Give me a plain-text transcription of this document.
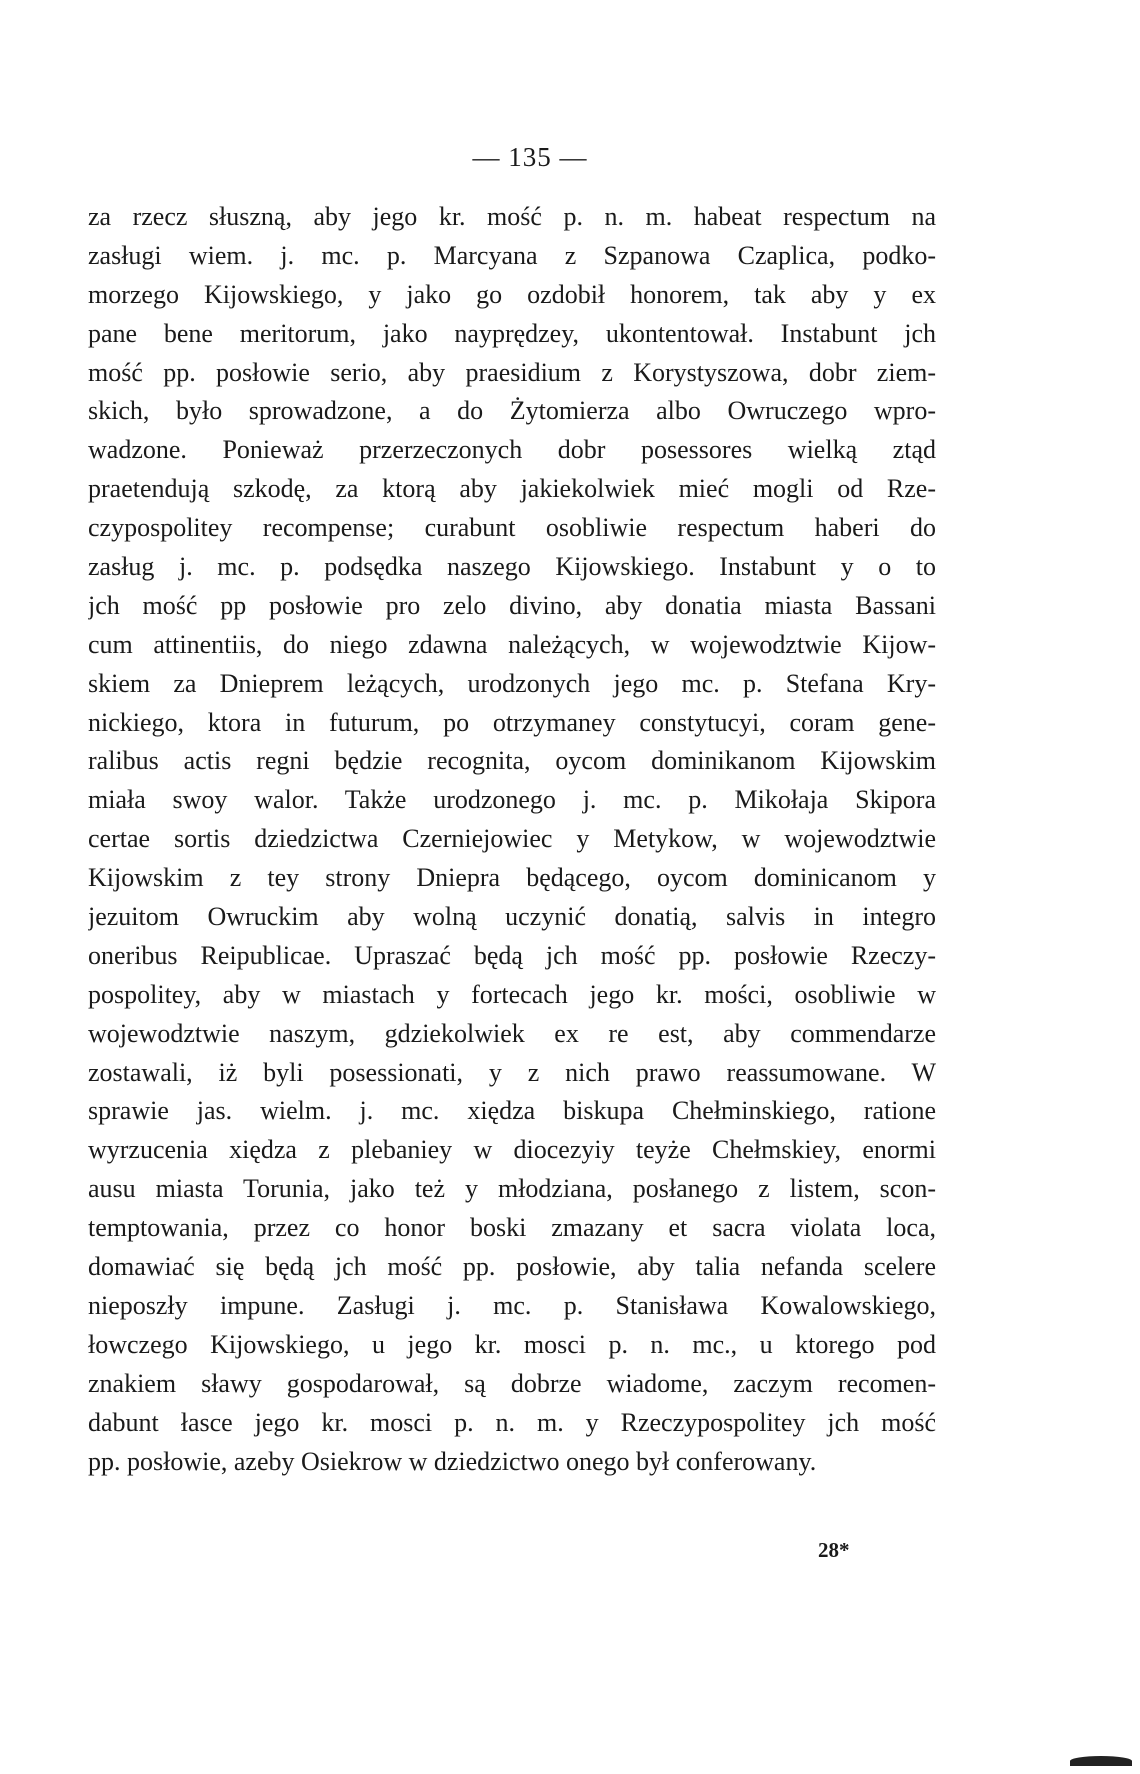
— 135 —
za rzecz słuszną, aby jego kr. mość p. n. m. habeat respectum na
zasługi wiem. j. mc. p. Marcyana z Szpanowa Czaplica, podko-
morzego Kijowskiego, y jako go ozdobił honorem, tak aby y ex
pane bene meritorum, jako nayprędzey, ukontentował. Instabunt jch
mość pp. posłowie serio, aby praesidium z Korystyszowa, dobr ziem-
skich, było sprowadzone, a do Żytomierza albo Owruczego wpro-
wadzone. Ponieważ przerzeczonych dobr posessores wielką ztąd
praetendują szkodę, za ktorą aby jakiekolwiek mieć mogli od Rze-
czypospolitey recompense; curabunt osobliwie respectum haberi do
zasług j. mc. p. podsędka naszego Kijowskiego. Instabunt y o to
jch mość pp posłowie pro zelo divino, aby donatia miasta Bassani
cum attinentiis, do niego zdawna należących, w wojewodztwie Kijow-
skiem za Dnieprem leżących, urodzonych jego mc. p. Stefana Kry-
nickiego, ktora in futurum, po otrzymaney constytucyi, coram gene-
ralibus actis regni będzie recognita, oycom dominikanom Kijowskim
miała swoy walor. Także urodzonego j. mc. p. Mikołaja Skipora
certae sortis dziedzictwa Czerniejowiec y Metykow, w wojewodztwie
Kijowskim z tey strony Dniepra będącego, oycom dominicanom y
jezuitom Owruckim aby wolną uczynić donatią, salvis in integro
oneribus Reipublicae. Upraszać będą jch mość pp. posłowie Rzeczy-
pospolitey, aby w miastach y fortecach jego kr. mości, osobliwie w
wojewodztwie naszym, gdziekolwiek ex re est, aby commendarze
zostawali, iż byli posessionati, y z nich prawo reassumowane. W
sprawie jas. wielm. j. mc. xiędza biskupa Chełminskiego, ratione
wyrzucenia xiędza z plebaniey w diocezyiy teyże Chełmskiey, enormi
ausu miasta Torunia, jako też y młodziana, posłanego z listem, scon-
temptowania, przez co honor boski zmazany et sacra violata loca,
domawiać się będą jch mość pp. posłowie, aby talia nefanda scelere
nieposzły impune. Zasługi j. mc. p. Stanisława Kowalowskiego,
łowczego Kijowskiego, u jego kr. mosci p. n. mc., u ktorego pod
znakiem sławy gospodarował, są dobrze wiadome, zaczym recomen-
dabunt łasce jego kr. mosci p. n. m. y Rzeczypospolitey jch mość
pp. posłowie, azeby Osiekrow w dziedzictwo onego był conferowany.
28*
